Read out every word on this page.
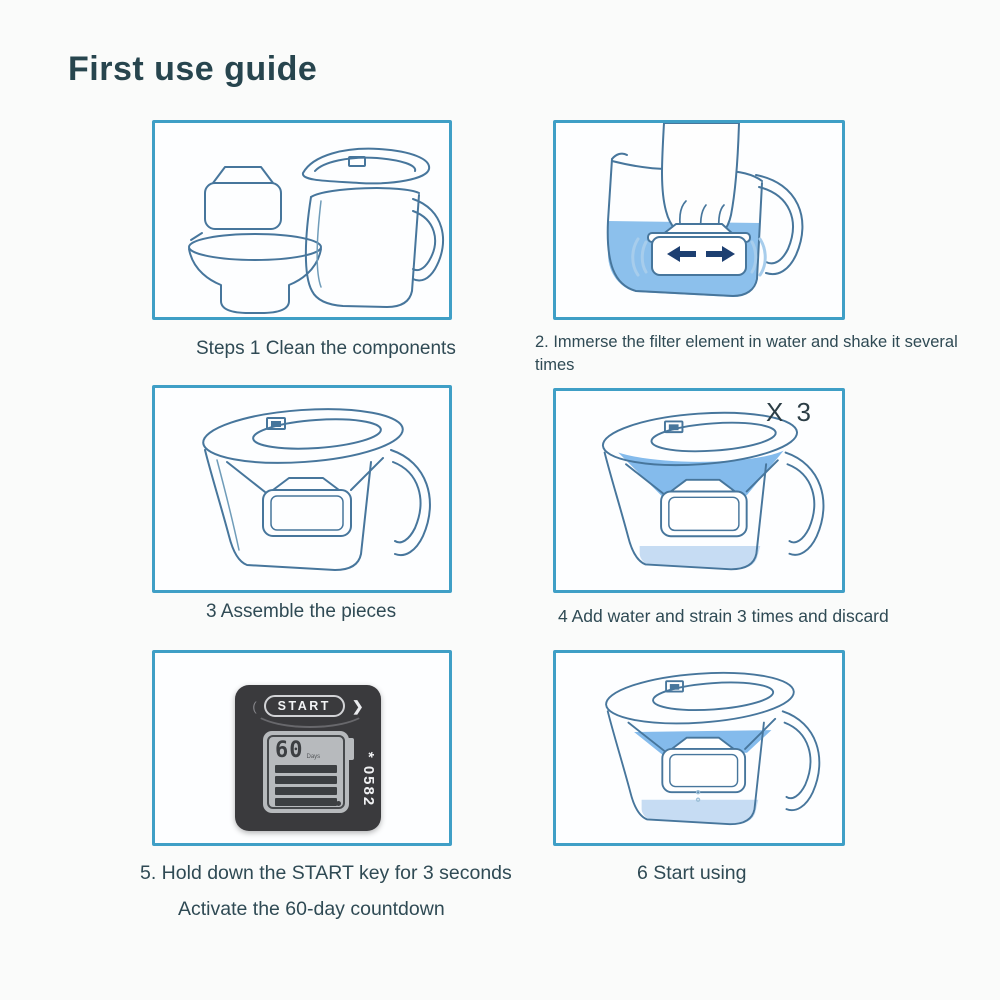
First use guide
Steps 1 Clean the components	2. Immerse the filter element in water and shake it several times
X 3
3 Assemble the pieces	4 Add water and strain 3 times and discard
(	START	❯
60 Days	* 0582
5. Hold down the START key for 3 seconds
Activate the 60-day countdown
6 Start using
